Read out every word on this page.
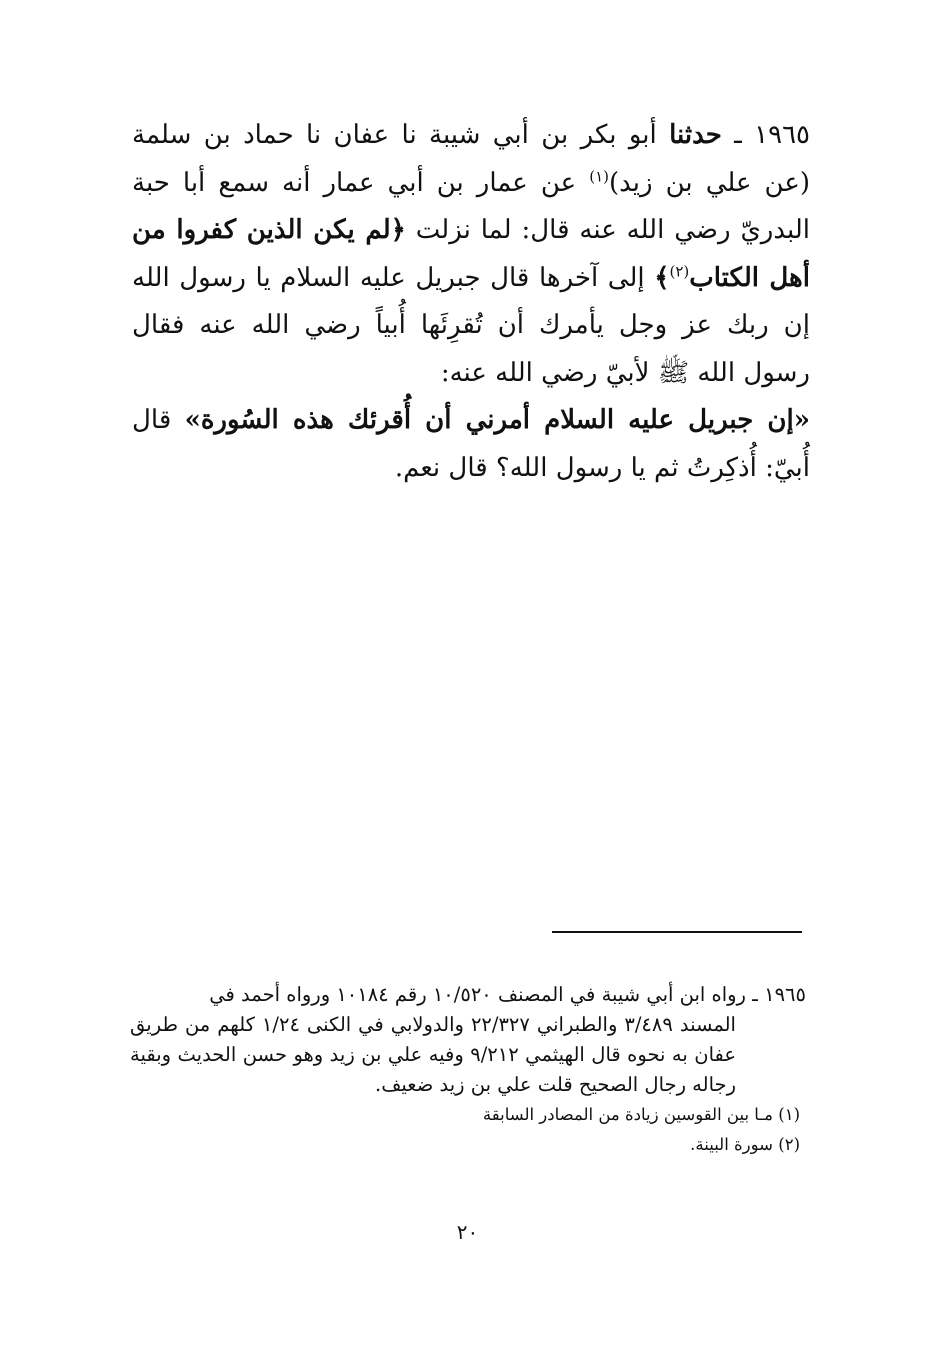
١٩٦٥ ـ حدثنا أبو بكر بن أبي شيبة نا عفان نا حماد بن سلمة (عن علي بن زيد)$^{(١)}$ عن عمار بن أبي عمار أنه سمع أبا حبة البدريّ رضي الله عنه قال: لما نزلت ﴿لم يكن الذين كفروا من أهل الكتاب$^{(٢)}$﴾ إلى آخرها قال جبريل عليه السلام يا رسول الله إن ربك عز وجل يأمرك أن تُقرِئَها أُبياً رضي الله عنه فقال رسول الله ﷺ لأبيّ رضي الله عنه:

«إن جبريل عليه السلام أمرني أن أُقرئك هذه السُورة» قال أُبيّ: أُذكِرتُ ثم يا رسول الله؟ قال نعم.

١٩٦٥ ـ رواه ابن أبي شيبة في المصنف ١٠/٥٢٠ رقم ١٠١٨٤ ورواه أحمد في
المسند ٣/٤٨٩ والطبراني ٢٢/٣٢٧ والدولابي في الكنى ١/٢٤ كلهم من طريق عفان به نحوه قال الهيثمي ٩/٢١٢ وفيه علي بن زيد وهو حسن الحديث وبقية رجاله رجال الصحيح قلت علي بن زيد ضعيف.

(١) مـا بين القوسين زيادة من المصادر السابقة

(٢) سورة البينة.

٢٠
